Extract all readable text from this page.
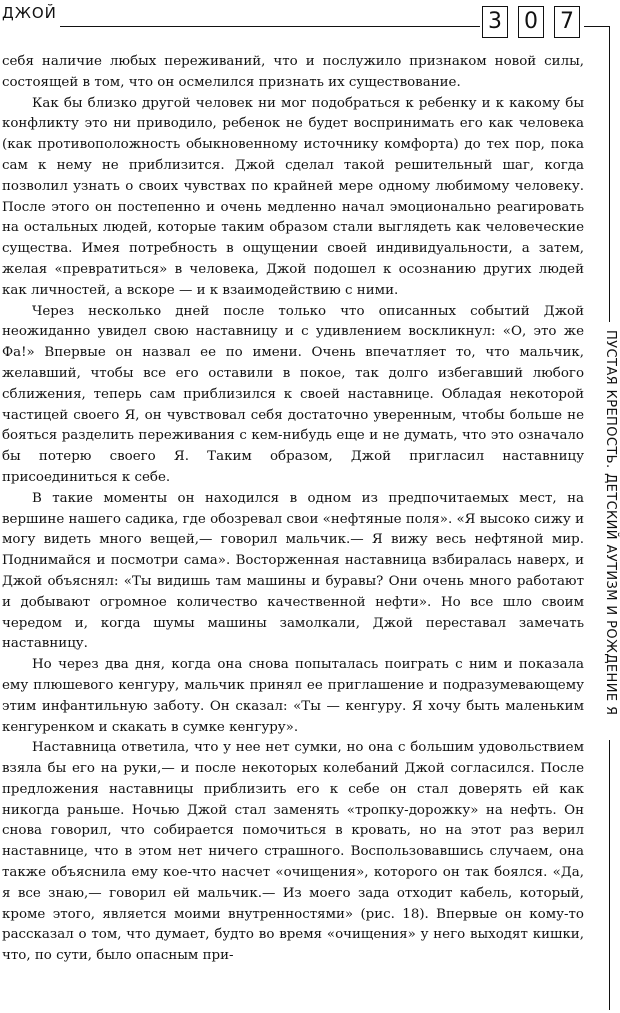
ДЖОЙ	3 0 7
ПУСТАЯ КРЕПОСТЬ. ДЕТСКИЙ АУТИЗМ И РОЖДЕНИЕ Я

себя наличие любых переживаний, что и послужило признаком новой силы, состоящей в том, что он осмелился признать их существование.

Как бы близко другой человек ни мог подобраться к ребенку и к какому бы конфликту это ни приводило, ребенок не будет воспринимать его как человека (как противоположность обыкновенному источнику комфорта) до тех пор, пока сам к нему не приблизится. Джой сделал такой решительный шаг, когда позволил узнать о своих чувствах по крайней мере одному любимому человеку. После этого он постепенно и очень медленно начал эмоционально реагировать на остальных людей, которые таким образом стали выглядеть как человеческие существа. Имея потребность в ощущении своей индивидуальности, а затем, желая «превратиться» в человека, Джой подошел к осознанию других людей как личностей, а вскоре — и к взаимодействию с ними.

Через несколько дней после только что описанных событий Джой неожиданно увидел свою наставницу и с удивлением воскликнул: «О, это же Фа!» Впервые он назвал ее по имени. Очень впечатляет то, что мальчик, желавший, чтобы все его оставили в покое, так долго избегавший любого сближения, теперь сам приблизился к своей наставнице. Обладая некоторой частицей своего Я, он чувствовал себя достаточно уверенным, чтобы больше не бояться разделить переживания с кем-нибудь еще и не думать, что это означало бы потерю своего Я. Таким образом, Джой пригласил наставницу присоединиться к себе.

В такие моменты он находился в одном из предпочитаемых мест, на вершине нашего садика, где обозревал свои «нефтяные поля». «Я высоко сижу и могу видеть много вещей,— говорил мальчик.— Я вижу весь нефтяной мир. Поднимайся и посмотри сама». Восторженная наставница взбиралась наверх, и Джой объяснял: «Ты видишь там машины и буравы? Они очень много работают и добывают огромное количество качественной нефти». Но все шло своим чередом и, когда шумы машины замолкали, Джой переставал замечать наставницу.

Но через два дня, когда она снова попыталась поиграть с ним и показала ему плюшевого кенгуру, мальчик принял ее приглашение и подразумевающему этим инфантильную заботу. Он сказал: «Ты — кенгуру. Я хочу быть маленьким кенгуренком и скакать в сумке кенгуру».

Наставница ответила, что у нее нет сумки, но она с большим удовольствием взяла бы его на руки,— и после некоторых колебаний Джой согласился. После предложения наставницы приблизить его к себе он стал доверять ей как никогда раньше. Ночью Джой стал заменять «тропку-дорожку» на нефть. Он снова говорил, что собирается помочиться в кровать, но на этот раз верил наставнице, что в этом нет ничего страшного. Воспользовавшись случаем, она также объяснила ему кое-что насчет «очищения», которого он так боялся. «Да, я все знаю,— говорил ей мальчик.— Из моего зада отходит кабель, который, кроме этого, является моими внутренностями» (рис. 18). Впервые он кому-то рассказал о том, что думает, будто во время «очищения» у него выходят кишки, что, по сути, было опасным при-
